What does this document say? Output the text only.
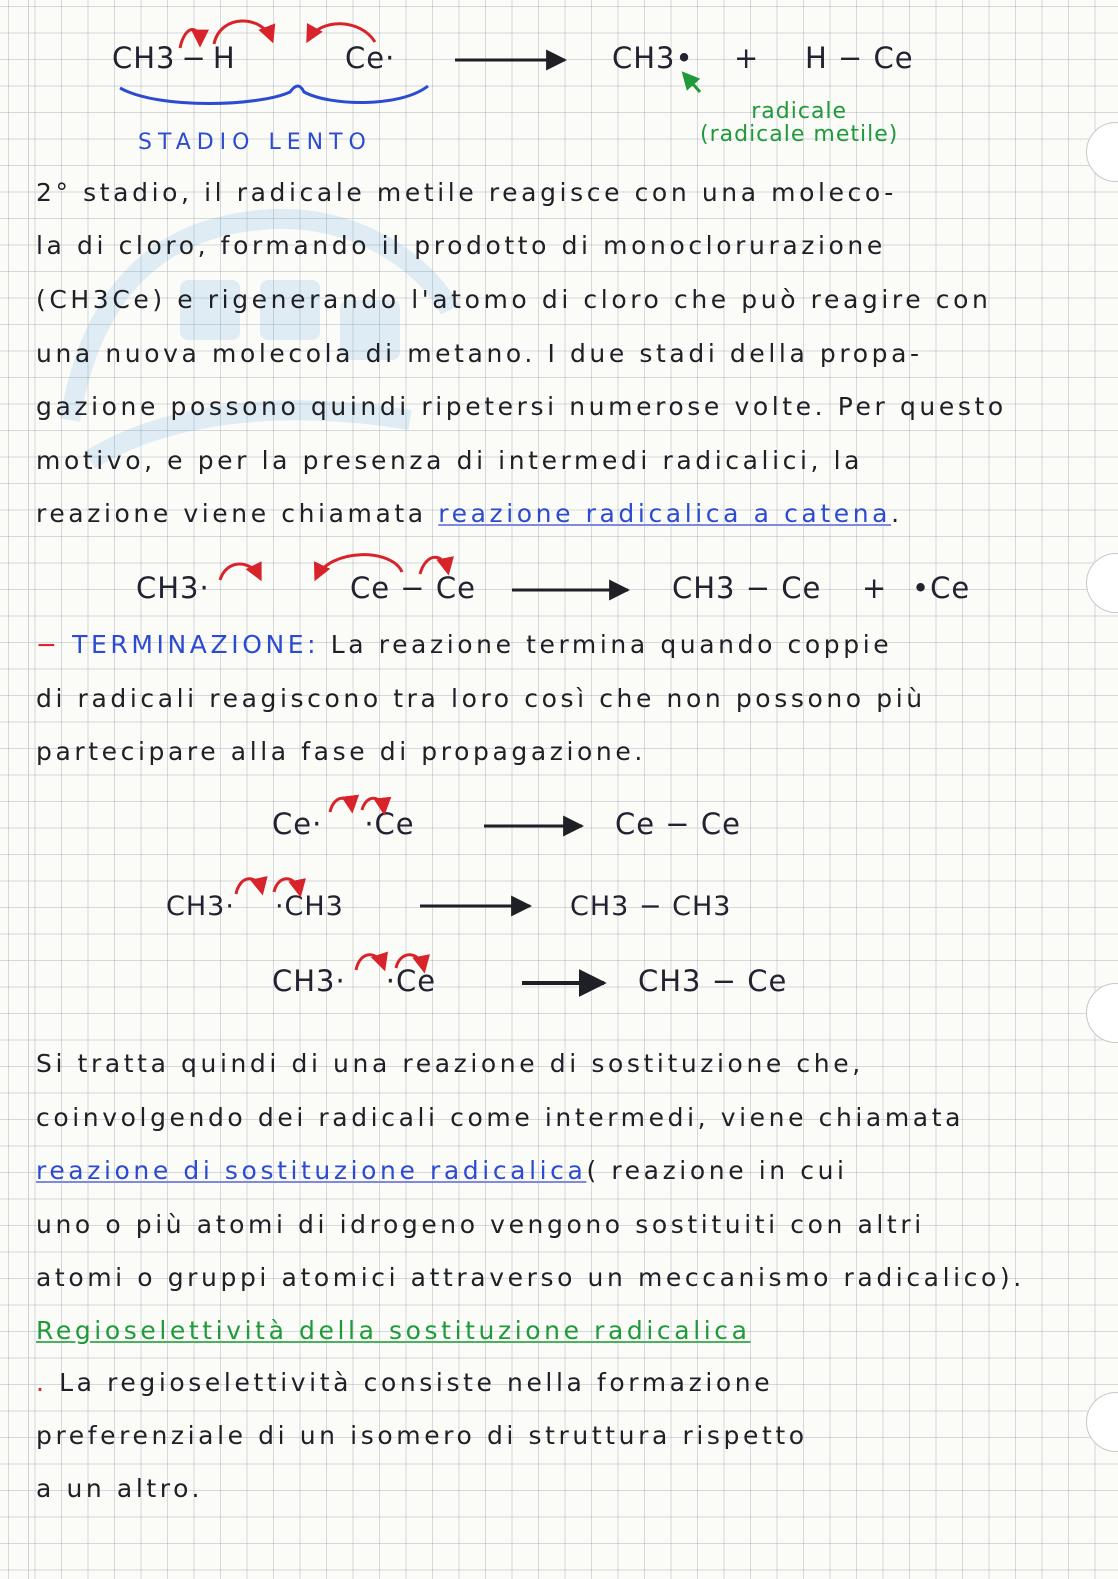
CH3 − H	Ce·	CH3• + H − Ce
STADIO LENTO
radicale
(radicale metile)
2° stadio, il radicale metile reagisce con una moleco-
la di cloro, formando il prodotto di monoclorurazione
(CH3Ce) e rigenerando l'atomo di cloro che può reagire con
una nuova molecola di metano. I due stadi della propa-
gazione possono quindi ripetersi numerose volte. Per questo
motivo, e per la presenza di intermedi radicalici, la
reazione viene chiamata reazione radicalica a catena.
CH3·	Ce − Ce	CH3 − Ce + •Ce
− TERMINAZIONE: La reazione termina quando coppie
di radicali reagiscono tra loro così che non possono più
partecipare alla fase di propagazione.
Ce· ·Ce	Ce − Ce
CH3· ·CH3	CH3 − CH3
CH3· ·Ce	CH3 − Ce
Si tratta quindi di una reazione di sostituzione che,
coinvolgendo dei radicali come intermedi, viene chiamata
reazione di sostituzione radicalica( reazione in cui
uno o più atomi di idrogeno vengono sostituiti con altri
atomi o gruppi atomici attraverso un meccanismo radicalico).
Regioselettività della sostituzione radicalica
. La regioselettività consiste nella formazione
preferenziale di un isomero di struttura rispetto
a un altro.
